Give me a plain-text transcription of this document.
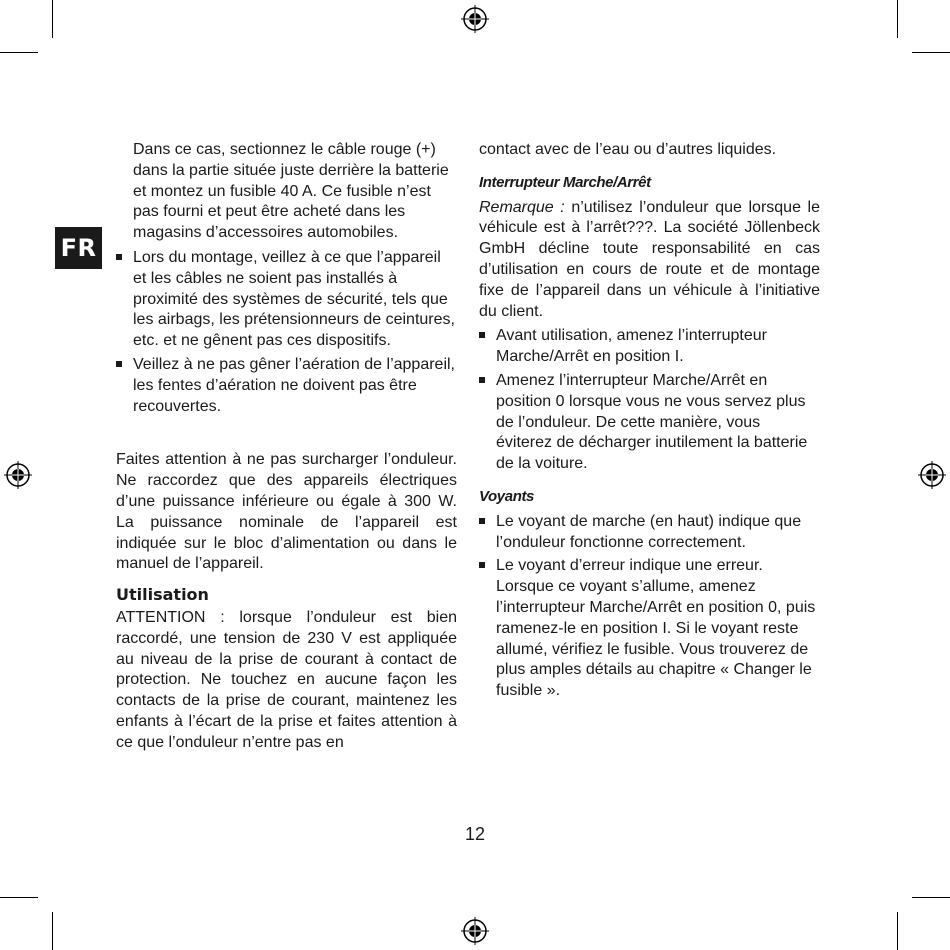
FR

Dans ce cas, sectionnez le câble rouge (+) dans la partie située juste derrière la batterie et montez un fusible 40 A. Ce fusible n’est pas fourni et peut être acheté dans les magasins d’accessoires automobiles.

Lors du montage, veillez à ce que l’appareil et les câbles ne soient pas installés à proximité des systèmes de sécurité, tels que les airbags, les prétensionneurs de ceintures, etc. et ne gênent pas ces dispositifs.
Veillez à ne pas gêner l’aération de l’appareil, les fentes d’aération ne doivent pas être recouvertes.

Faites attention à ne pas surcharger l’onduleur. Ne raccordez que des appareils électriques d’une puissance inférieure ou égale à 300 W. La puissance nominale de l’appareil est indiquée sur le bloc d’alimentation ou dans le manuel de l’appareil.

Utilisation

ATTENTION : lorsque l’onduleur est bien raccordé, une tension de 230 V est appliquée au niveau de la prise de courant à contact de protection. Ne touchez en aucune façon les contacts de la prise de courant, maintenez les enfants à l’écart de la prise et faites attention à ce que l’onduleur n’entre pas en

contact avec de l’eau ou d’autres liquides.

Interrupteur Marche/Arrêt

Remarque : n’utilisez l’onduleur que lorsque le véhicule est à l’arrêt???. La société Jöllenbeck GmbH décline toute responsabilité en cas d’utilisation en cours de route et de montage fixe de l’appareil dans un véhicule à l’initiative du client.

Avant utilisation, amenez l’interrupteur Marche/Arrêt en position I.
Amenez l’interrupteur Marche/Arrêt en position 0 lorsque vous ne vous servez plus de l’onduleur. De cette manière, vous éviterez de décharger inutilement la batterie de la voiture.
Voyants
Le voyant de marche (en haut) indique que l’onduleur fonctionne correctement.
Le voyant d’erreur indique une erreur. Lorsque ce voyant s’allume, amenez l’interrupteur Marche/Arrêt en position 0, puis ramenez-le en position I. Si le voyant reste allumé, vérifiez le fusible. Vous trouverez de plus amples détails au chapitre « Changer le fusible ».
12
